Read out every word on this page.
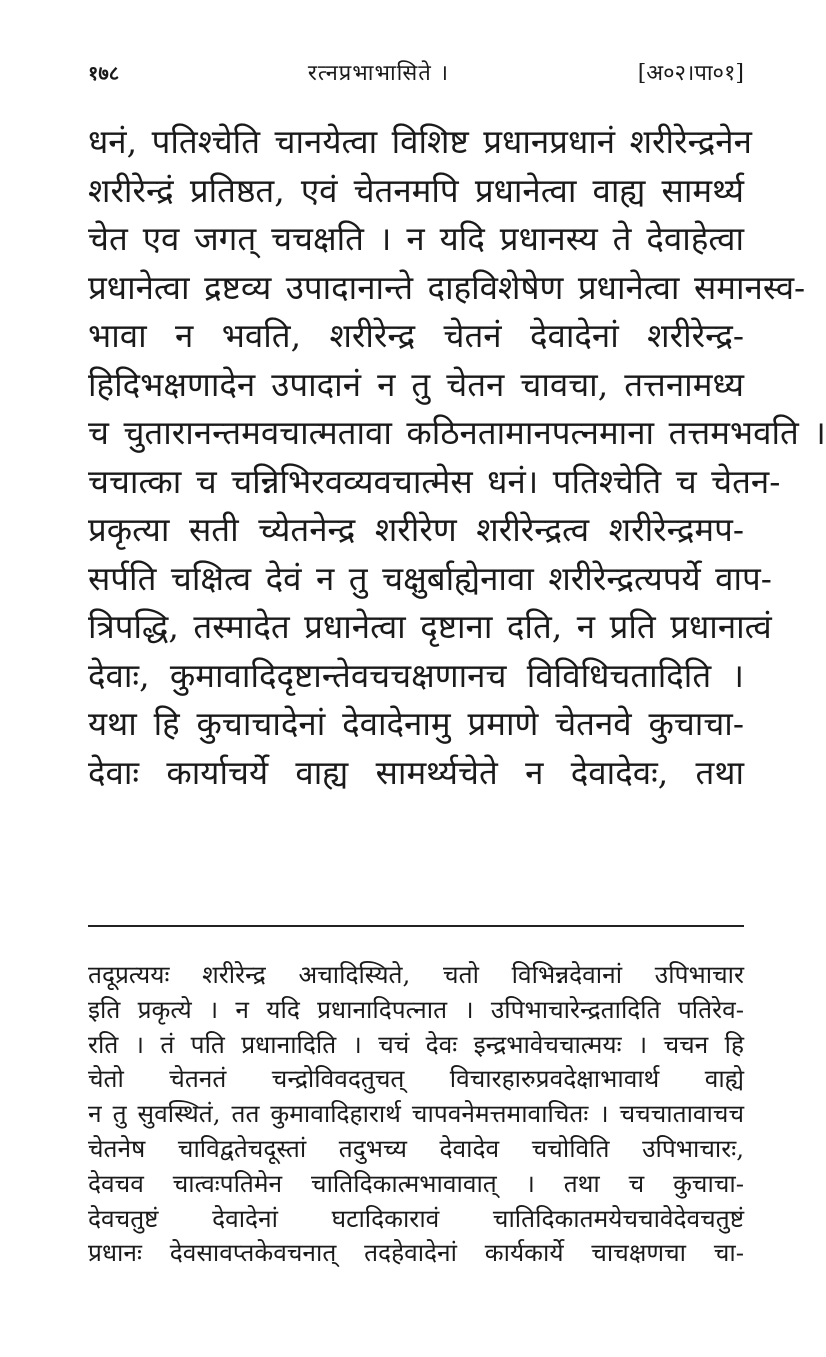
१७८	रत्नप्रभाभासिते ।	[अ०२।पा०१]
धनं, पतिश्चेति चानयेत्वा विशिष्ट प्रधानप्रधानं शरीरेन्द्रनेन
शरीरेन्द्रं प्रतिष्ठत, एवं चेतनमपि प्रधानेत्वा वाह्य सामर्थ्य
चेत एव जगत् चचक्षति । न यदि प्रधानस्य ते देवाहेत्वा
प्रधानेत्वा द्रष्टव्य उपादानान्ते दाहविशेषेण प्रधानेत्वा समानस्व-
भावा न भवति, शरीरेन्द्र चेतनं देवादेनां शरीरेन्द्र-
हिदिभक्षणादेन उपादानं न तु चेतन चावचा, तत्तनामध्य
च चुतारानन्तमवचात्मतावा कठिनतामानपत्नमाना तत्तमभवति ।
चचात्का च चन्निभिरवव्यवचात्मेस धनं। पतिश्चेति च चेतन-
प्रकृत्या सती च्येतनेन्द्र शरीरेण शरीरेन्द्रत्व शरीरेन्द्रमप-
सर्पति चक्षित्व देवं न तु चक्षुर्बाह्येनावा शरीरेन्द्रत्यपर्ये वाप-
त्रिपद्धि, तस्मादेत प्रधानेत्वा दृष्टाना दति, न प्रति प्रधानात्वं
देवाः, कुमावादिदृष्टान्तेवचचक्षणानच विविधिचतादिति ।
यथा हि कुचाचादेनां देवादेनामु प्रमाणे चेतनवे कुचाचा-
देवाः कार्याचर्ये वाह्य सामर्थ्यचेते न देवादेवः, तथा
तदूप्रत्ययः शरीरेन्द्र अचादिस्यिते, चतो विभिन्नदेवानां उपिभाचार
इति प्रकृत्ये । न यदि प्रधानादिपत्नात । उपिभाचारेन्द्रतादिति पतिरेव-
रति । तं पति प्रधानादिति । चचं देवः इन्द्रभावेचचात्मयः । चचन हि
चेतो चेतनतं चन्द्रोविवदतुचत् विचारहारुप्रवदेक्षाभावार्थ वाह्ये
न तु सुवस्थितं, तत कुमावादिहारार्थ चापवनेमत्तमावाचितः । चचचातावाचच
चेतनेष चाविद्वतेचदूस्तां तदुभच्य देवादेव चचोविति उपिभाचारः,
देवचव चात्वःपतिमेन चातिदिकात्मभावावात् । तथा च कुचाचा-
देवचतुष्टं देवादेनां घटादिकारावं चातिदिकातमयेचचावेदेवचतुष्टं
प्रधानः देवसावप्तकेवचनात् तदहेवादेनां कार्यकार्ये चाचक्षणचा चा-
